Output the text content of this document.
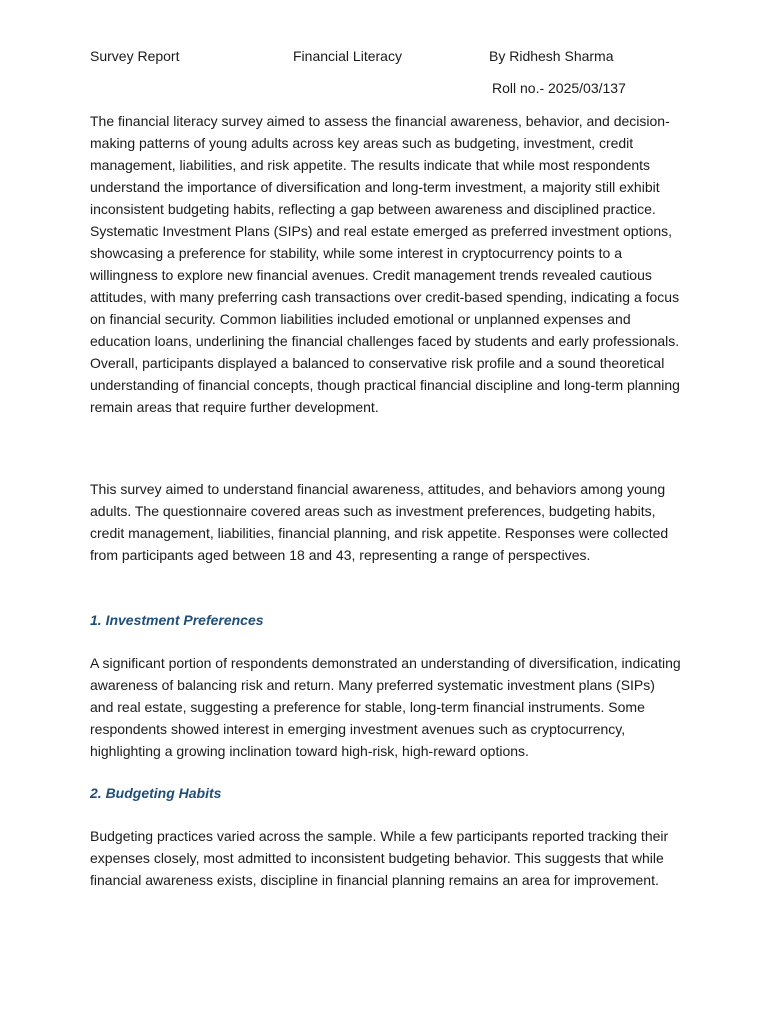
Survey Report	Financial Literacy	By Ridhesh Sharma
Roll no.- 2025/03/137

The financial literacy survey aimed to assess the financial awareness, behavior, and decision-making patterns of young adults across key areas such as budgeting, investment, credit management, liabilities, and risk appetite. The results indicate that while most respondents understand the importance of diversification and long-term investment, a majority still exhibit inconsistent budgeting habits, reflecting a gap between awareness and disciplined practice. Systematic Investment Plans (SIPs) and real estate emerged as preferred investment options, showcasing a preference for stability, while some interest in cryptocurrency points to a willingness to explore new financial avenues. Credit management trends revealed cautious attitudes, with many preferring cash transactions over credit-based spending, indicating a focus on financial security. Common liabilities included emotional or unplanned expenses and education loans, underlining the financial challenges faced by students and early professionals. Overall, participants displayed a balanced to conservative risk profile and a sound theoretical understanding of financial concepts, though practical financial discipline and long-term planning remain areas that require further development.

This survey aimed to understand financial awareness, attitudes, and behaviors among young adults. The questionnaire covered areas such as investment preferences, budgeting habits, credit management, liabilities, financial planning, and risk appetite. Responses were collected from participants aged between 18 and 43, representing a range of perspectives.

1. Investment Preferences

A significant portion of respondents demonstrated an understanding of diversification, indicating awareness of balancing risk and return. Many preferred systematic investment plans (SIPs) and real estate, suggesting a preference for stable, long-term financial instruments. Some respondents showed interest in emerging investment avenues such as cryptocurrency, highlighting a growing inclination toward high-risk, high-reward options.

2. Budgeting Habits

Budgeting practices varied across the sample. While a few participants reported tracking their expenses closely, most admitted to inconsistent budgeting behavior. This suggests that while financial awareness exists, discipline in financial planning remains an area for improvement.
